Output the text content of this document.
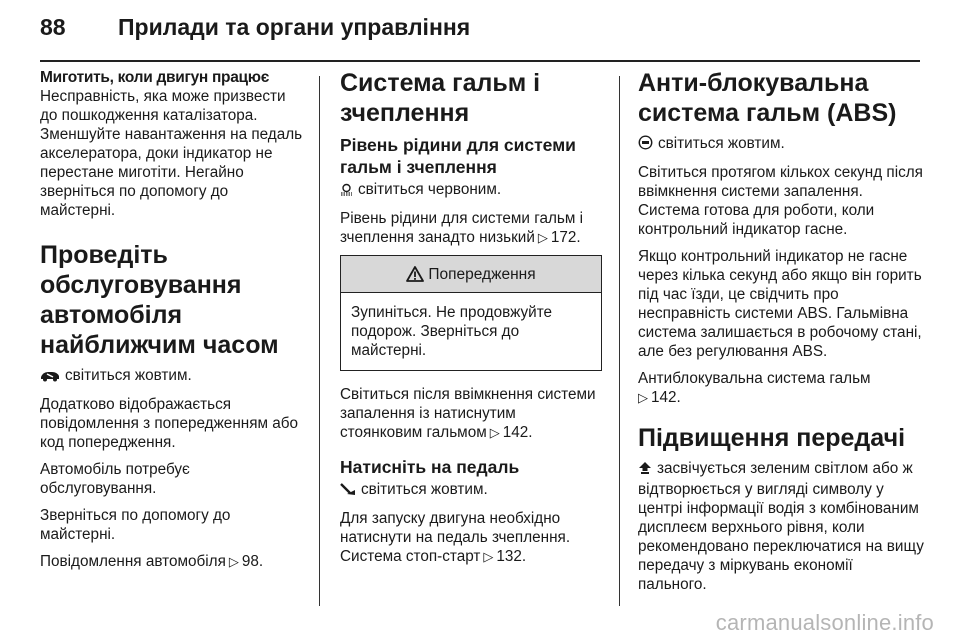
88	Прилади та органи управління
Миготить, коли двигун працює

Несправність, яка може призвести до пошкодження каталізатора. Зменшуйте навантаження на педаль акселератора, доки індикатор не перестане миготіти. Негайно зверніться по допомогу до майстерні.

Проведіть обслуговування автомобіля найближчим часом

світиться жовтим.

Додатково відображається повідомлення з попередженням або код попередження.

Автомобіль потребує обслуговування.

Зверніться по допомогу до майстерні.

Повідомлення автомобіля ▷ 98.

Система гальм і зчеплення
Рівень рідини для системи гальм і зчеплення

світиться червоним.

Рівень рідини для системи гальм і зчеплення занадто низький ▷ 172.

Попередження
Зупиніться. Не продовжуйте подорож. Зверніться до майстерні.

Світиться після ввімкнення системи запалення із натиснутим стоянковим гальмом ▷ 142.

Натисніть на педаль

світиться жовтим.

Для запуску двигуна необхідно натиснути на педаль зчеплення. Система стоп-старт ▷ 132.

Анти-блокувальна система гальм (ABS)

світиться жовтим.

Світиться протягом кількох секунд після ввімкнення системи запалення. Система готова для роботи, коли контрольний індикатор гасне.

Якщо контрольний індикатор не гасне через кілька секунд або якщо він горить під час їзди, це свідчить про несправність системи ABS. Гальмівна система залишається в робочому стані, але без регулювання ABS.

Антиблокувальна система гальм
▷ 142.

Підвищення передачі

засвічується зеленим світлом або ж відтворюється у вигляді символу у центрі інформації водія з комбінованим дисплеєм верхнього рівня, коли рекомендовано переключатися на вищу передачу з міркувань економії пального.

carmanualsonline.info
